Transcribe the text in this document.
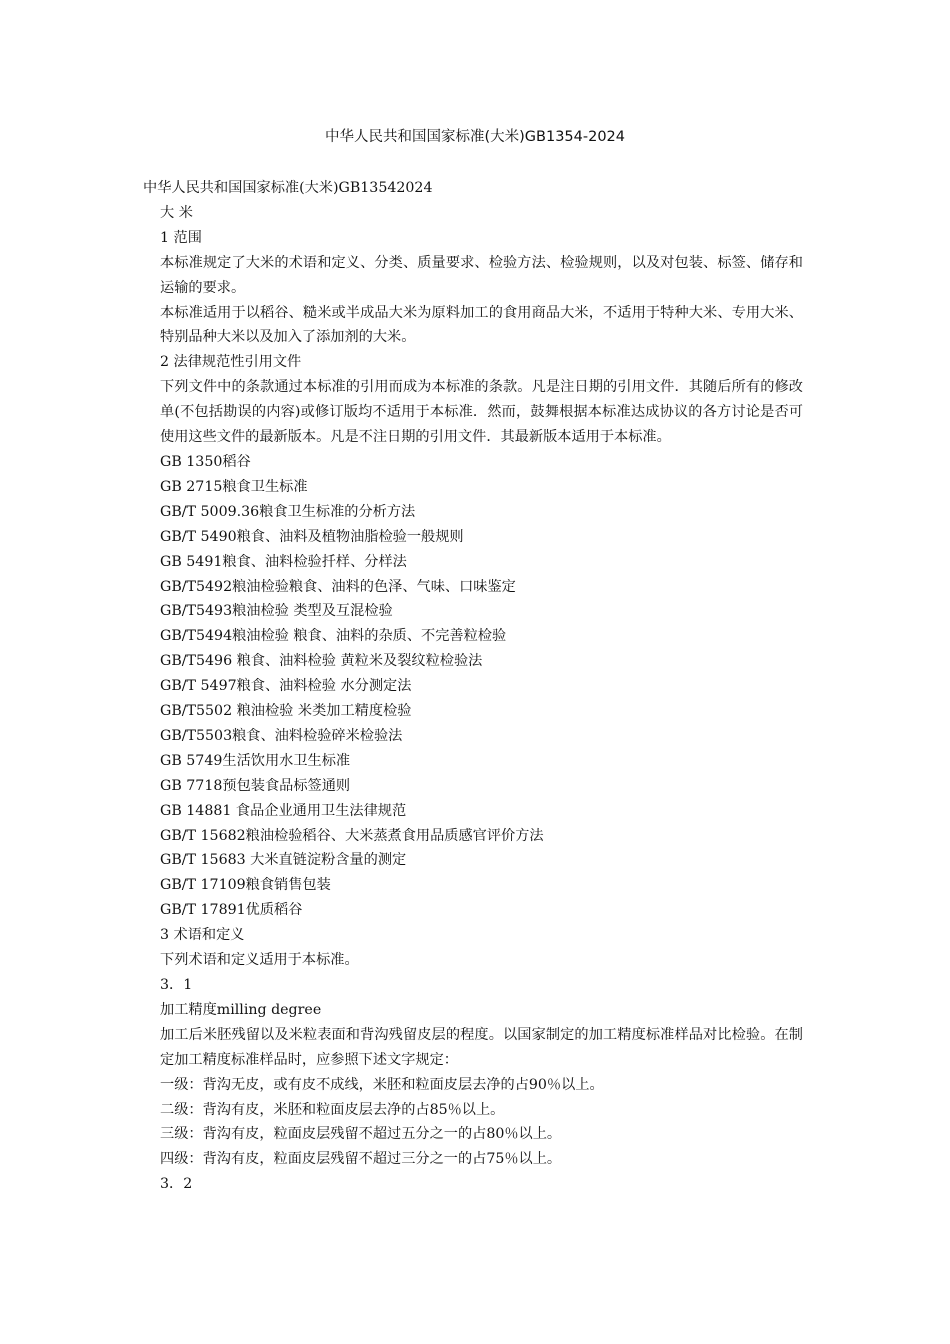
中华人民共和国国家标准(大米)GB1354-2024

中华人民共和国国家标准(大米)GB13542024

大 米

1 范围

本标准规定了大米的术语和定义、分类、质量要求、检验方法、检验规则，以及对包装、标签、储存和运输的要求。

本标准适用于以稻谷、糙米或半成品大米为原料加工的食用商品大米，不适用于特种大米、专用大米、特别品种大米以及加入了添加剂的大米。

2 法律规范性引用文件

下列文件中的条款通过本标准的引用而成为本标准的条款。凡是注日期的引用文件．其随后所有的修改单(不包括勘误的内容)或修订版均不适用于本标准．然而，鼓舞根据本标准达成协议的各方讨论是否可使用这些文件的最新版本。凡是不注日期的引用文件．其最新版本适用于本标准。

GB 1350稻谷

GB 2715粮食卫生标准

GB/T 5009.36粮食卫生标准的分析方法

GB/T 5490粮食、油料及植物油脂检验一般规则

GB 5491粮食、油料检验扦样、分样法

GB/T5492粮油检验粮食、油料的色泽、气味、口味鉴定

GB/T5493粮油检验 类型及互混检验

GB/T5494粮油检验 粮食、油料的杂质、不完善粒检验

GB/T5496 粮食、油料检验 黄粒米及裂纹粒检验法

GB/T 5497粮食、油料检验 水分测定法

GB/T5502 粮油检验 米类加工精度检验

GB/T5503粮食、油料检验碎米检验法

GB 5749生活饮用水卫生标准

GB 7718预包装食品标签通则

GB 14881 食品企业通用卫生法律规范

GB/T 15682粮油检验稻谷、大米蒸煮食用品质感官评价方法

GB/T 15683 大米直链淀粉含量的测定

GB/T 17109粮食销售包装

GB/T 17891优质稻谷

3 术语和定义

下列术语和定义适用于本标准。

3．1

加工精度milling degree

加工后米胚残留以及米粒表面和背沟残留皮层的程度。以国家制定的加工精度标准样品对比检验。在制定加工精度标准样品时，应参照下述文字规定：

一级：背沟无皮，或有皮不成线，米胚和粒面皮层去净的占90％以上。

二级：背沟有皮，米胚和粒面皮层去净的占85％以上。

三级：背沟有皮，粒面皮层残留不超过五分之一的占80％以上。

四级：背沟有皮，粒面皮层残留不超过三分之一的占75％以上。

3．2
